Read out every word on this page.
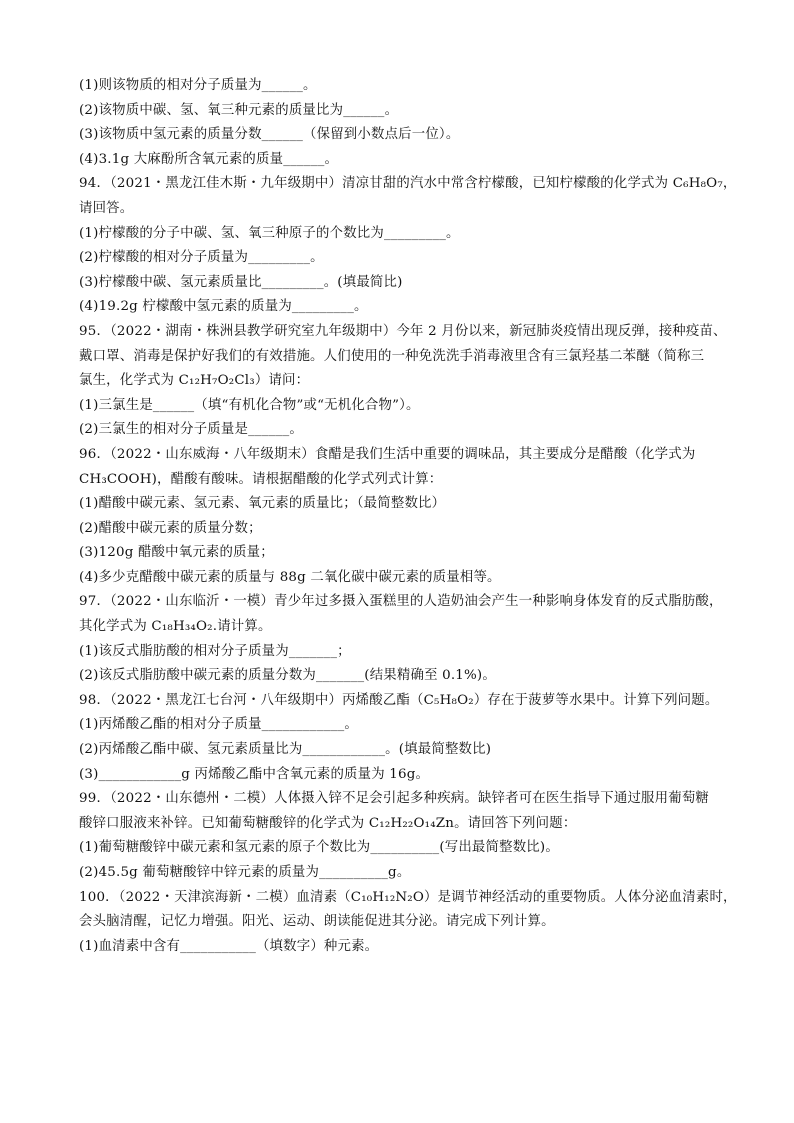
(1)则该物质的相对分子质量为______。
(2)该物质中碳、氢、氧三种元素的质量比为______。
(3)该物质中氢元素的质量分数______（保留到小数点后一位）。
(4)3.1g 大麻酚所含氧元素的质量______。
94．（2021・黑龙江佳木斯・九年级期中）清凉甘甜的汽水中常含柠檬酸，已知柠檬酸的化学式为 C₆H₈O₇，
请回答。
(1)柠檬酸的分子中碳、氢、氧三种原子的个数比为_________。
(2)柠檬酸的相对分子质量为_________。
(3)柠檬酸中碳、氢元素质量比_________。(填最简比)
(4)19.2g 柠檬酸中氢元素的质量为_________。
95．（2022・湖南・株洲县教学研究室九年级期中）今年 2 月份以来，新冠肺炎疫情出现反弹，接种疫苗、
戴口罩、消毒是保护好我们的有效措施。人们使用的一种免洗洗手消毒液里含有三氯羟基二苯醚（简称三
氯生，化学式为 C₁₂H₇O₂Cl₃）请问：
(1)三氯生是______（填“有机化合物”或“无机化合物”）。
(2)三氯生的相对分子质量是______。
96．（2022・山东威海・八年级期末）食醋是我们生活中重要的调味品，其主要成分是醋酸（化学式为
CH₃COOH)，醋酸有酸味。请根据醋酸的化学式列式计算：
(1)醋酸中碳元素、氢元素、氧元素的质量比；（最简整数比）
(2)醋酸中碳元素的质量分数；
(3)120g 醋酸中氧元素的质量；
(4)多少克醋酸中碳元素的质量与 88g 二氧化碳中碳元素的质量相等。
97．（2022・山东临沂・一模）青少年过多摄入蛋糕里的人造奶油会产生一种影响身体发育的反式脂肪酸，
其化学式为 C₁₈H₃₄O₂.请计算。
(1)该反式脂肪酸的相对分子质量为_______；
(2)该反式脂肪酸中碳元素的质量分数为_______(结果精确至 0.1%)。
98．（2022・黑龙江七台河・八年级期中）丙烯酸乙酯（C₅H₈O₂）存在于菠萝等水果中。计算下列问题。
(1)丙烯酸乙酯的相对分子质量____________。
(2)丙烯酸乙酯中碳、氢元素质量比为____________。(填最简整数比)
(3)____________g 丙烯酸乙酯中含氧元素的质量为 16g。
99．（2022・山东德州・二模）人体摄入锌不足会引起多种疾病。缺锌者可在医生指导下通过服用葡萄糖
酸锌口服液来补锌。已知葡萄糖酸锌的化学式为 C₁₂H₂₂O₁₄Zn。请回答下列问题：
(1)葡萄糖酸锌中碳元素和氢元素的原子个数比为__________(写出最简整数比)。
(2)45.5g 葡萄糖酸锌中锌元素的质量为__________g。
100．（2022・天津滨海新・二模）血清素（C₁₀H₁₂N₂O）是调节神经活动的重要物质。人体分泌血清素时，
会头脑清醒，记忆力增强。阳光、运动、朗读能促进其分泌。请完成下列计算。
(1)血清素中含有___________（填数字）种元素。
